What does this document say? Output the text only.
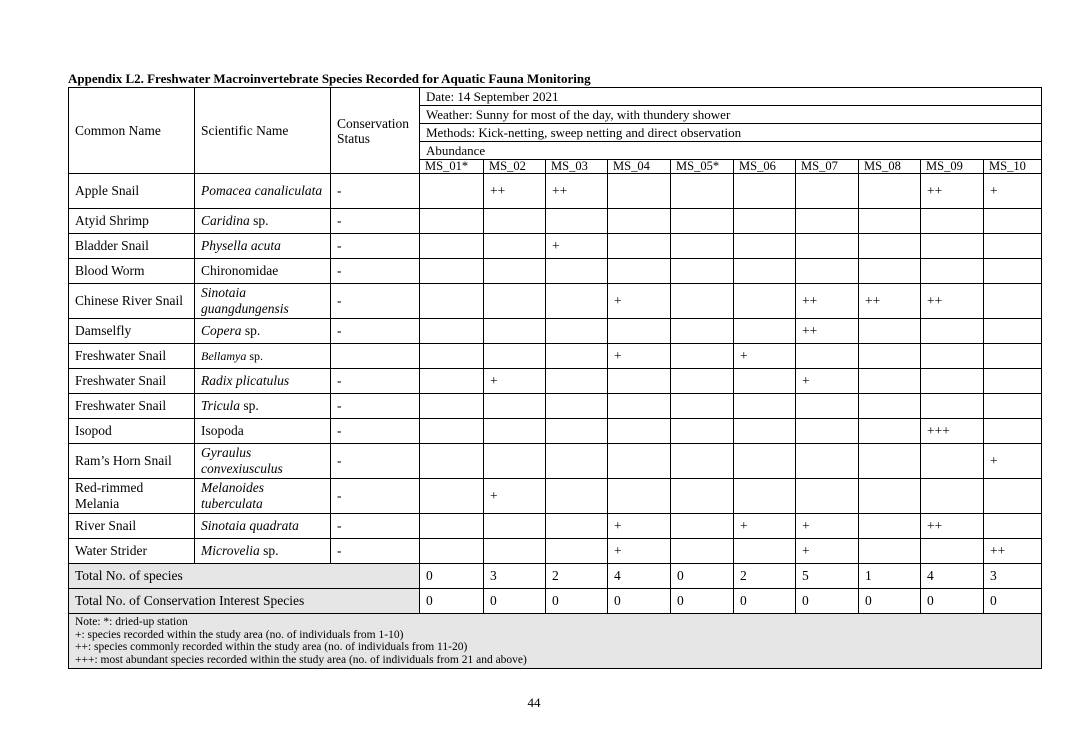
Appendix L2. Freshwater Macroinvertebrate Species Recorded for Aquatic Fauna Monitoring
Common Name	Scientific Name	Conservation Status	Date: 14 September 2021									
			Weather: Sunny for most of the day, with thundery shower									
			Methods: Kick-netting, sweep netting and direct observation									
			Abundance									
			MS_01*	MS_02	MS_03	MS_04	MS_05*	MS_06	MS_07	MS_08	MS_09	MS_10
Apple Snail	Pomacea canaliculata	-		++	++						++	+
Atyid Shrimp	Caridina sp.	-										
Bladder Snail	Physella acuta	-			+							
Blood Worm	Chironomidae	-										
Chinese River Snail	Sinotaia guangdungensis	-				+			++	++	++	
Damselfly	Copera sp.	-							++			
Freshwater Snail	Bellamya sp.					+		+				
Freshwater Snail	Radix plicatulus	-		+					+			
Freshwater Snail	Tricula sp.	-										
Isopod	Isopoda	-									+++	
Ram’s Horn Snail	Gyraulus convexiusculus	-										+
Red-rimmed Melania	Melanoides tuberculata	-		+								
River Snail	Sinotaia quadrata	-				+		+	+		++	
Water Strider	Microvelia sp.	-				+			+			++
Total No. of species			0	3	2	4	0	2	5	1	4	3
Total No. of Conservation Interest Species			0	0	0	0	0	0	0	0	0	0

Note: *: dried-up station
+: species recorded within the study area (no. of individuals from 1-10)
++: species commonly recorded within the study area (no. of individuals from 11-20)
+++: most abundant species recorded within the study area (no. of individuals from 21 and above)												
44
